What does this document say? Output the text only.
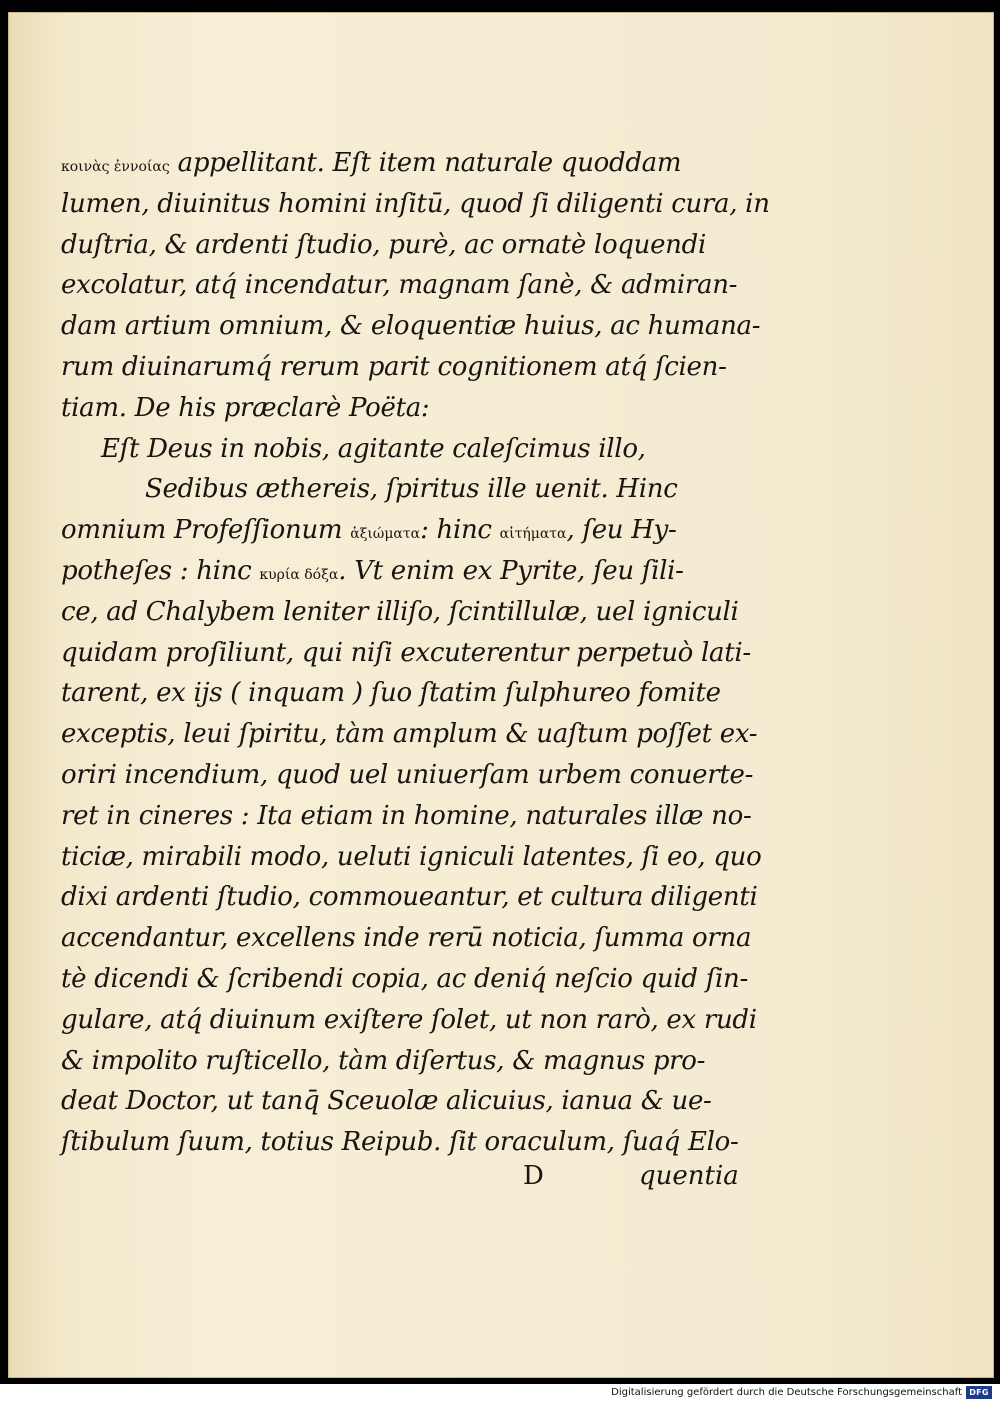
κοινὰς ἐννοίας appellitant. Eſt item naturale quoddam
lumen, diuinitus homini inſitū, quod ſi diligenti cura, in
duſtria, & ardenti ſtudio, purè, ac ornatè loquendi
excolatur, atq́ incendatur, magnam ſanè, & admiran-
dam artium omnium, & eloquentiæ huius, ac humana-
rum diuinarumq́ rerum parit cognitionem atq́ ſcien-
tiam. De his præclarè Poëta:
Eſt Deus in nobis, agitante caleſcimus illo,
Sedibus æthereis, ſpiritus ille uenit. Hinc
omnium Profeſſionum ἀξιώματα: hinc αἰτήματα, ſeu Hy-
potheſes : hinc κυρία δόξα. Vt enim ex Pyrite, ſeu ſili-
ce, ad Chalybem leniter illiſo, ſcintillulæ, uel igniculi
quidam proſiliunt, qui niſi excuterentur perpetuò lati-
tarent, ex ijs ( inquam ) ſuo ſtatim ſulphureo fomite
exceptis, leui ſpiritu, tàm amplum & uaſtum poſſet ex-
oriri incendium, quod uel uniuerſam urbem conuerte-
ret in cineres : Ita etiam in homine, naturales illæ no-
ticiæ, mirabili modo, ueluti igniculi latentes, ſi eo, quo
dixi ardenti ſtudio, commoueantur, et cultura diligenti
accendantur, excellens inde rerū noticia, ſumma orna
tè dicendi & ſcribendi copia, ac deniq́ neſcio quid ſin-
gulare, atq́ diuinum exiſtere ſolet, ut non rarò, ex rudi
& impolito ruſticello, tàm diſertus, & magnus pro-
deat Doctor, ut tanq̄ Sceuolæ alicuius, ianua & ue-
ſtibulum ſuum, totius Reipub. ſit oraculum, ſuaq́ Elo-
D	quentia
Digitalisierung gefördert durch die Deutsche Forschungsgemeinschaft DFG
